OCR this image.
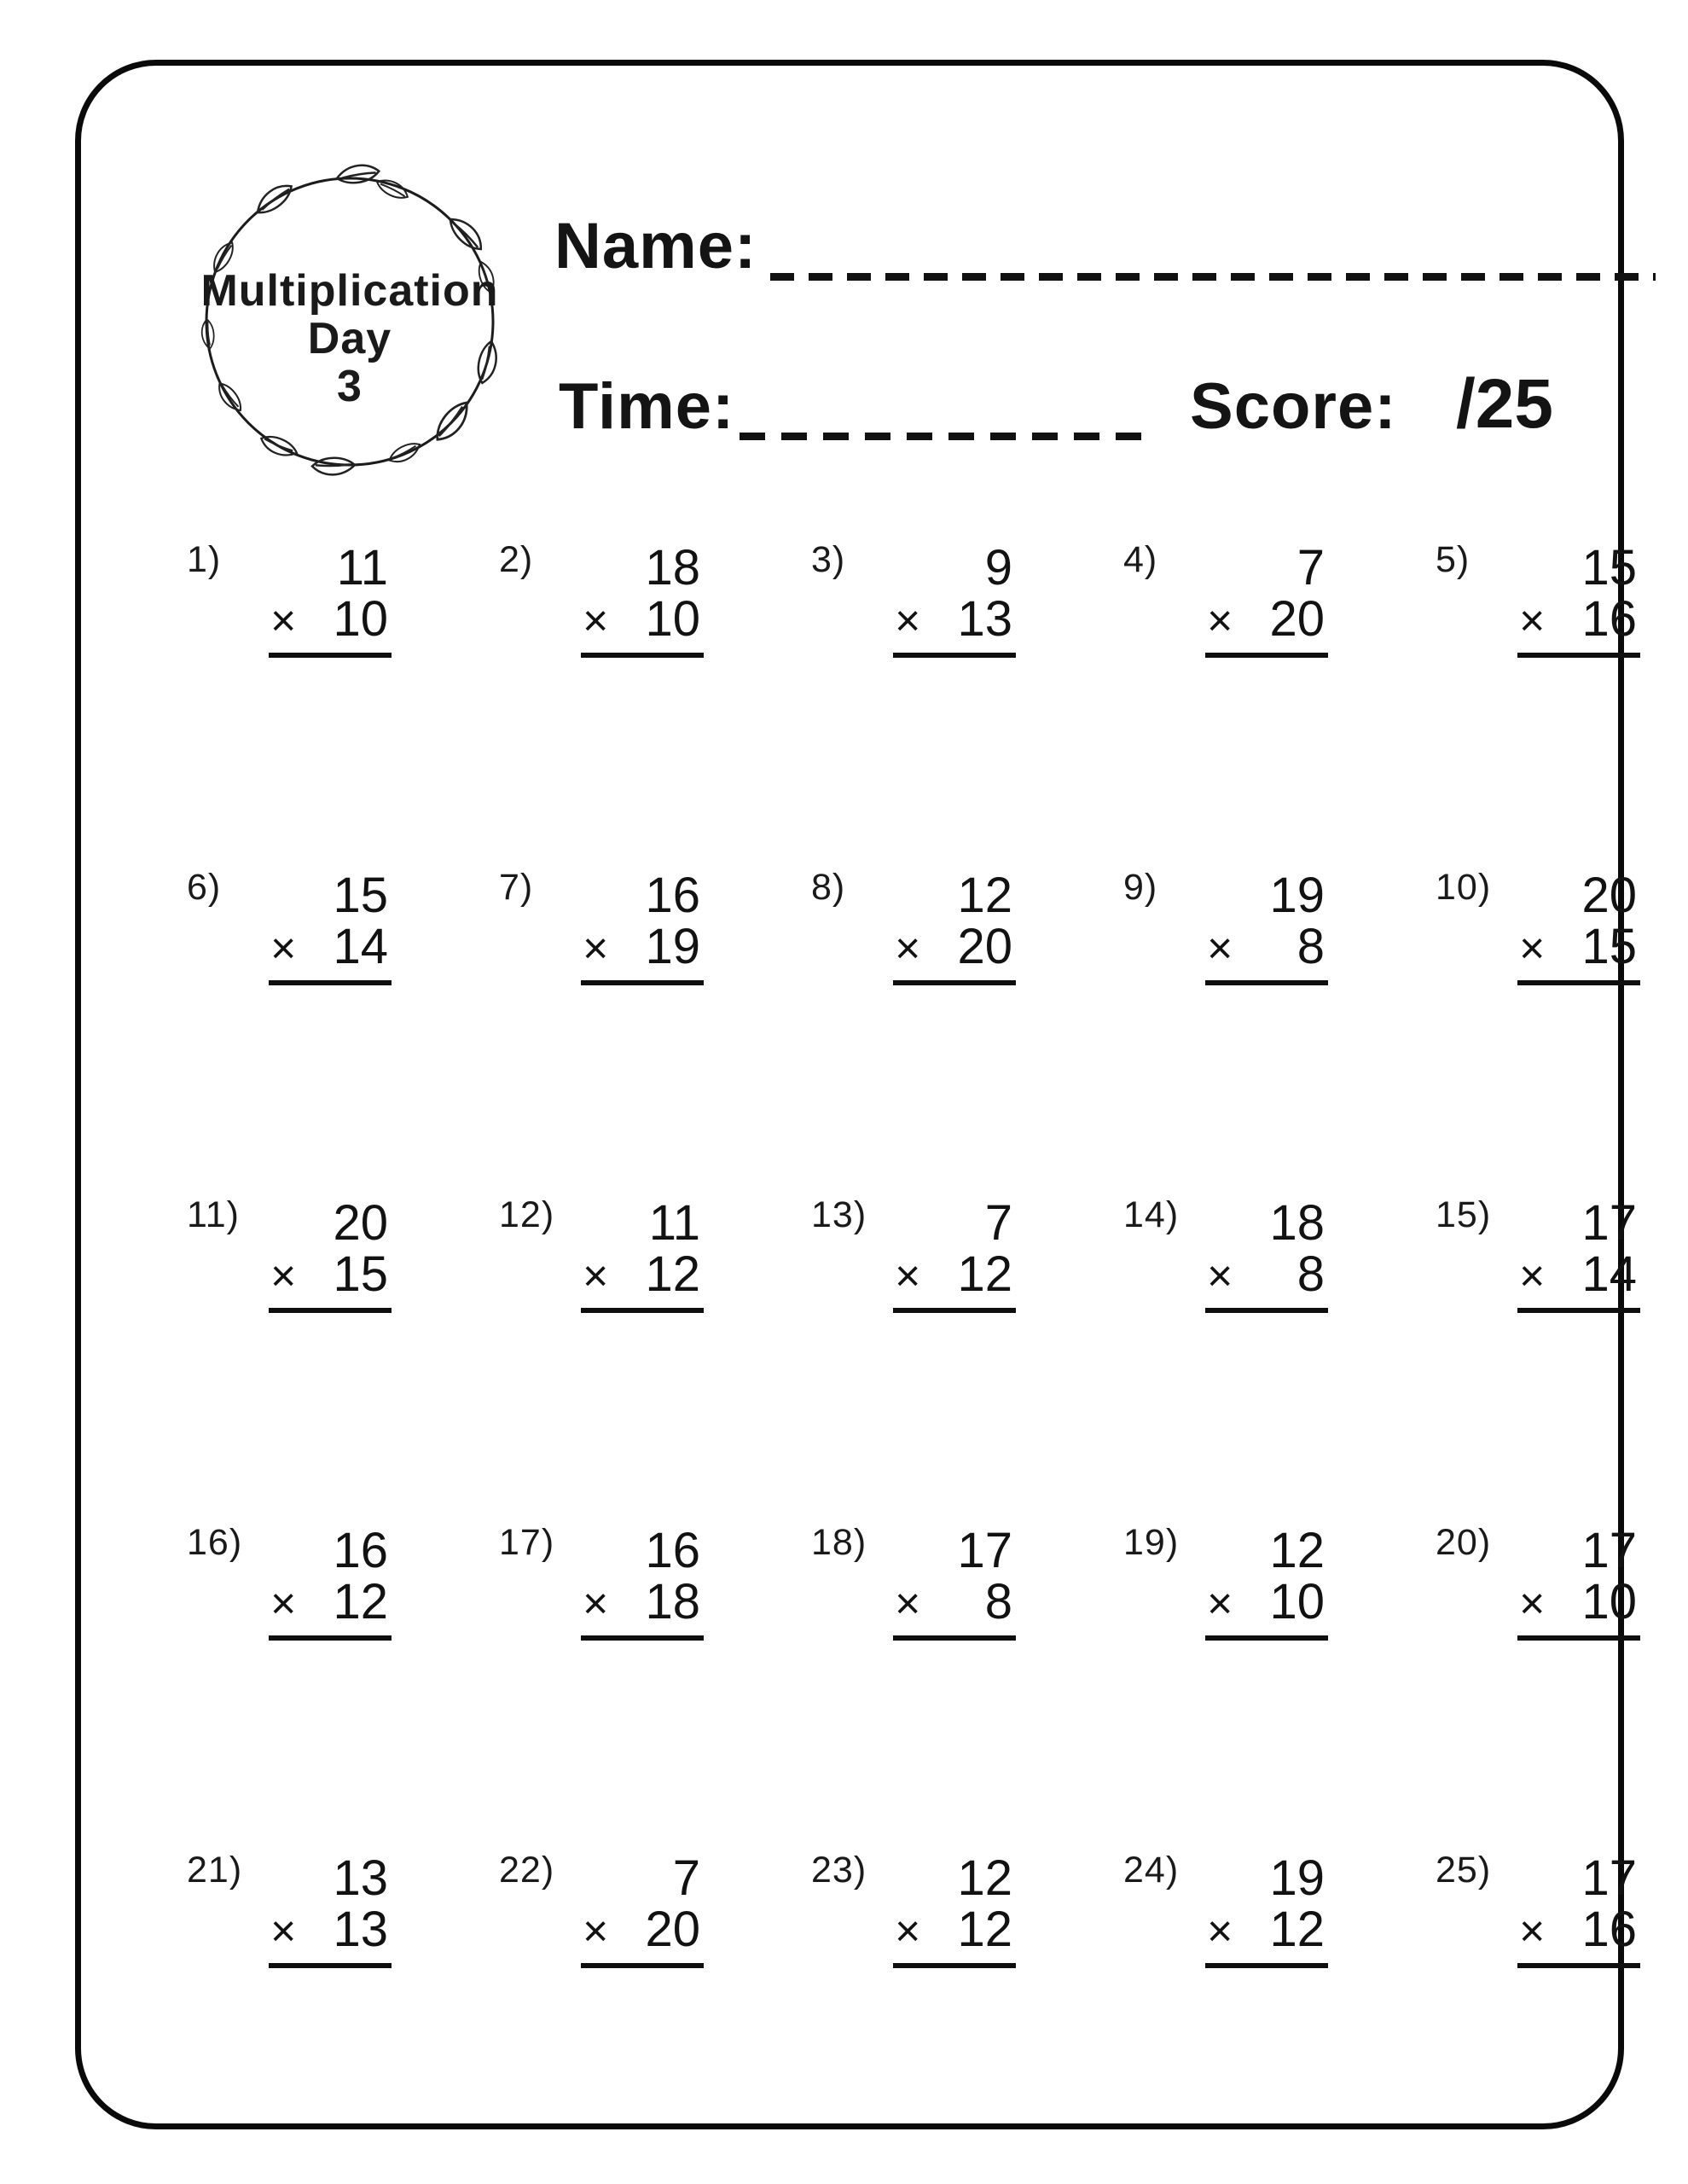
Multiplication
Day
3
Name:
Time:	Score: /25
1)	11
× 10
2)	18
× 10
3)	9
× 13
4)	7
× 20
5)	15
× 16
6)	15
× 14
7)	16
× 19
8)	12
× 20
9)	19
× 8
10)	20
× 15
11)	20
× 15
12)	11
× 12
13)	7
× 12
14)	18
× 8
15)	17
× 14
16)	16
× 12
17)	16
× 18
18)	17
× 8
19)	12
× 10
20)	17
× 10
21)	13
× 13
22)	7
× 20
23)	12
× 12
24)	19
× 12
25)	17
× 16
